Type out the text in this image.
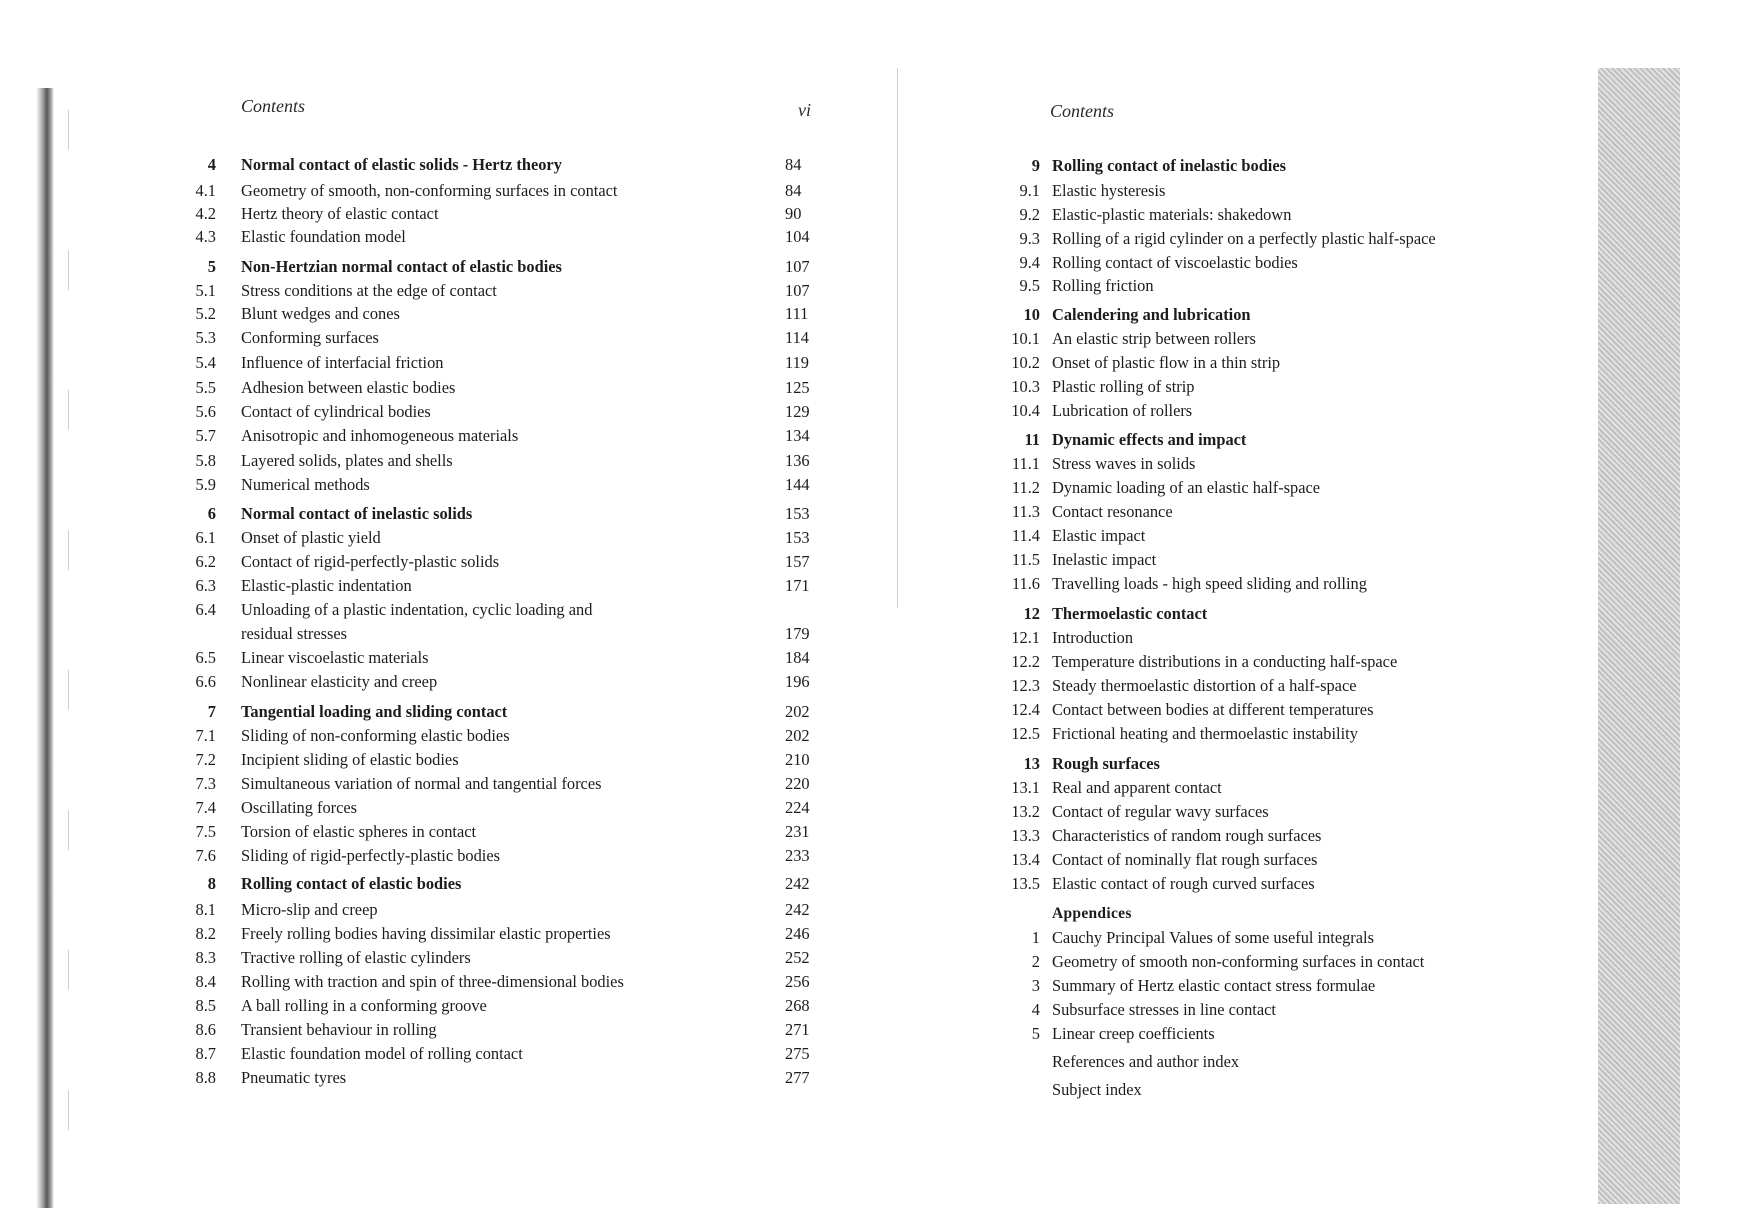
Contents	vi
4 Normal contact of elastic solids - Hertz theory	84
4.1 Geometry of smooth, non-conforming surfaces in contact	84
4.2 Hertz theory of elastic contact	90
4.3 Elastic foundation model	104
5 Non-Hertzian normal contact of elastic bodies	107
5.1 Stress conditions at the edge of contact	107
5.2 Blunt wedges and cones	111
5.3 Conforming surfaces	114
5.4 Influence of interfacial friction	119
5.5 Adhesion between elastic bodies	125
5.6 Contact of cylindrical bodies	129
5.7 Anisotropic and inhomogeneous materials	134
5.8 Layered solids, plates and shells	136
5.9 Numerical methods	144
6 Normal contact of inelastic solids	153
6.1 Onset of plastic yield	153
6.2 Contact of rigid-perfectly-plastic solids	157
6.3 Elastic-plastic indentation	171
6.4 Unloading of a plastic indentation, cyclic loading and
residual stresses	179
6.5 Linear viscoelastic materials	184
6.6 Nonlinear elasticity and creep	196
7 Tangential loading and sliding contact	202
7.1 Sliding of non-conforming elastic bodies	202
7.2 Incipient sliding of elastic bodies	210
7.3 Simultaneous variation of normal and tangential forces	220
7.4 Oscillating forces	224
7.5 Torsion of elastic spheres in contact	231
7.6 Sliding of rigid-perfectly-plastic bodies	233
8 Rolling contact of elastic bodies	242
8.1 Micro-slip and creep	242
8.2 Freely rolling bodies having dissimilar elastic properties	246
8.3 Tractive rolling of elastic cylinders	252
8.4 Rolling with traction and spin of three-dimensional bodies	256
8.5 A ball rolling in a conforming groove	268
8.6 Transient behaviour in rolling	271
8.7 Elastic foundation model of rolling contact	275
8.8 Pneumatic tyres	277
Contents
9 Rolling contact of inelastic bodies
9.1 Elastic hysteresis
9.2 Elastic-plastic materials: shakedown
9.3 Rolling of a rigid cylinder on a perfectly plastic half-space
9.4 Rolling contact of viscoelastic bodies
9.5 Rolling friction
10 Calendering and lubrication
10.1 An elastic strip between rollers
10.2 Onset of plastic flow in a thin strip
10.3 Plastic rolling of strip
10.4 Lubrication of rollers
11 Dynamic effects and impact
11.1 Stress waves in solids
11.2 Dynamic loading of an elastic half-space
11.3 Contact resonance
11.4 Elastic impact
11.5 Inelastic impact
11.6 Travelling loads - high speed sliding and rolling
12 Thermoelastic contact
12.1 Introduction
12.2 Temperature distributions in a conducting half-space
12.3 Steady thermoelastic distortion of a half-space
12.4 Contact between bodies at different temperatures
12.5 Frictional heating and thermoelastic instability
13 Rough surfaces
13.1 Real and apparent contact
13.2 Contact of regular wavy surfaces
13.3 Characteristics of random rough surfaces
13.4 Contact of nominally flat rough surfaces
13.5 Elastic contact of rough curved surfaces
Appendices
1 Cauchy Principal Values of some useful integrals
2 Geometry of smooth non-conforming surfaces in contact
3 Summary of Hertz elastic contact stress formulae
4 Subsurface stresses in line contact
5 Linear creep coefficients
References and author index
Subject index
